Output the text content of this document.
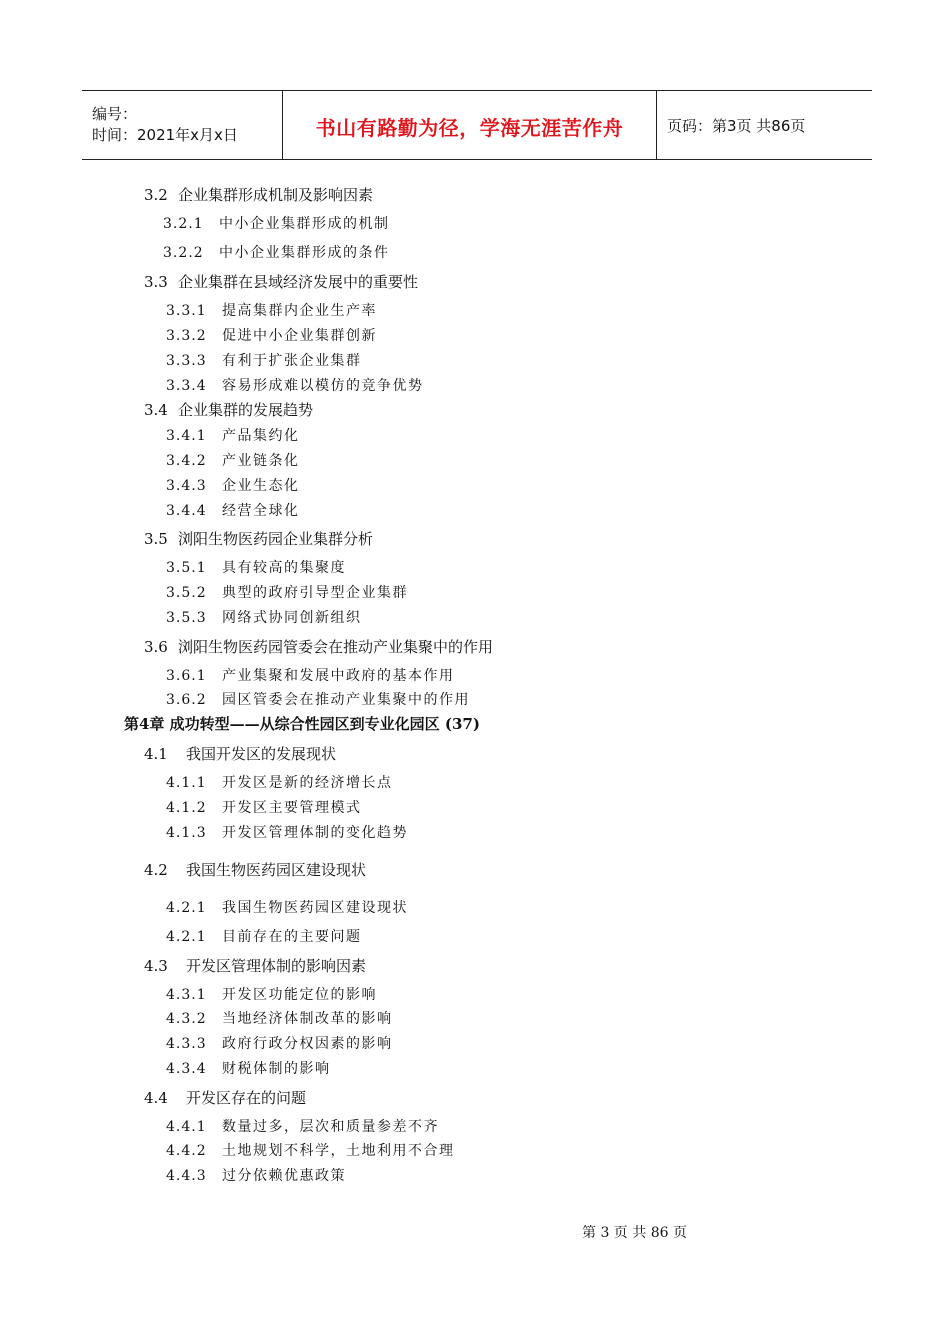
编号：
时间：2021年x月x日	书山有路勤为径，学海无涯苦作舟	页码：第3页 共86页
3.2 企业集群形成机制及影响因素
3.2.1 中小企业集群形成的机制
3.2.2 中小企业集群形成的条件
3.3 企业集群在县域经济发展中的重要性
3.3.1 提高集群内企业生产率
3.3.2 促进中小企业集群创新
3.3.3 有利于扩张企业集群
3.3.4 容易形成难以模仿的竞争优势
3.4 企业集群的发展趋势
3.4.1 产品集约化
3.4.2 产业链条化
3.4.3 企业生态化
3.4.4 经营全球化
3.5 浏阳生物医药园企业集群分析
3.5.1 具有较高的集聚度
3.5.2 典型的政府引导型企业集群
3.5.3 网络式协同创新组织
3.6 浏阳生物医药园管委会在推动产业集聚中的作用
3.6.1 产业集聚和发展中政府的基本作用
3.6.2 园区管委会在推动产业集聚中的作用
第4章 成功转型——从综合性园区到专业化园区 (37)
4.1 我国开发区的发展现状
4.1.1 开发区是新的经济增长点
4.1.2 开发区主要管理模式
4.1.3 开发区管理体制的变化趋势
4.2 我国生物医药园区建设现状
4.2.1 我国生物医药园区建设现状
4.2.1 目前存在的主要问题
4.3 开发区管理体制的影响因素
4.3.1 开发区功能定位的影响
4.3.2 当地经济体制改革的影响
4.3.3 政府行政分权因素的影响
4.3.4 财税体制的影响
4.4 开发区存在的问题
4.4.1 数量过多，层次和质量参差不齐
4.4.2 土地规划不科学，土地利用不合理
4.4.3 过分依赖优惠政策
第 3 页 共 86 页
